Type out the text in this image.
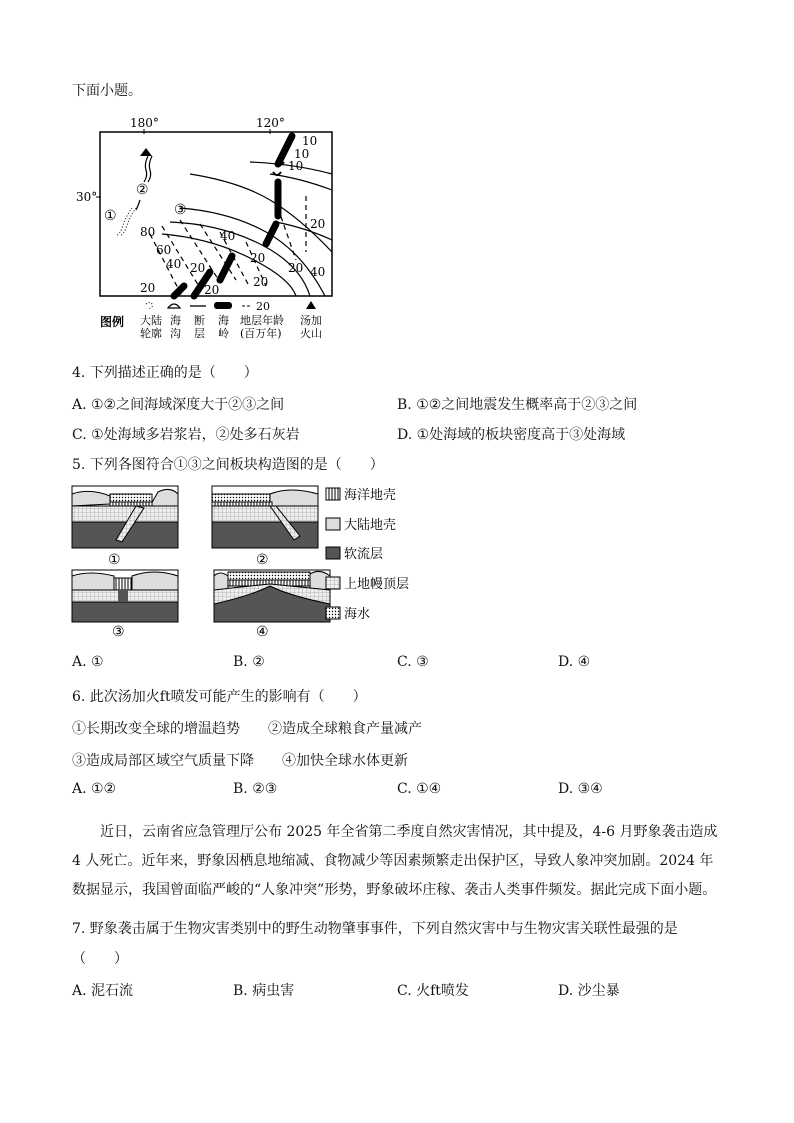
下面小题。
180°	120°
30°
①
②
③
10
10
10
20
20
20
40
80
60
40
40
20
20
20
20
图例
20
大陆
轮廓
海
沟
断
层
海
岭
地层年龄
(百万年)
汤加
火山
4. 下列描述正确的是（　　）
A. ①②之间海域深度大于②③之间	B. ①②之间地震发生概率高于②③之间
C. ①处海域多岩浆岩，②处多石灰岩	D. ①处海域的板块密度高于③处海域
5. 下列各图符合①③之间板块构造图的是（　　）
①	②
③	④
海洋地壳
大陆地壳
软流层
上地幔顶层
海水
A. ①	B. ②	C. ③	D. ④
6. 此次汤加火ft喷发可能产生的影响有（　　）
①长期改变全球的增温趋势 ②造成全球粮食产量减产
③造成局部区域空气质量下降 ④加快全球水体更新
A. ①②	B. ②③	C. ①④	D. ③④
近日，云南省应急管理厅公布 2025 年全省第二季度自然灾害情况，其中提及，4-6 月野象袭击造成 4 人死亡。近年来，野象因栖息地缩减、食物减少等因素频繁走出保护区，导致人象冲突加剧。2024 年数据显示，我国曾面临严峻的“人象冲突”形势，野象破坏庄稼、袭击人类事件频发。据此完成下面小题。
7. 野象袭击属于生物灾害类别中的野生动物肇事事件，下列自然灾害中与生物灾害关联性最强的是
（　　）
A. 泥石流	B. 病虫害	C. 火ft喷发	D. 沙尘暴
